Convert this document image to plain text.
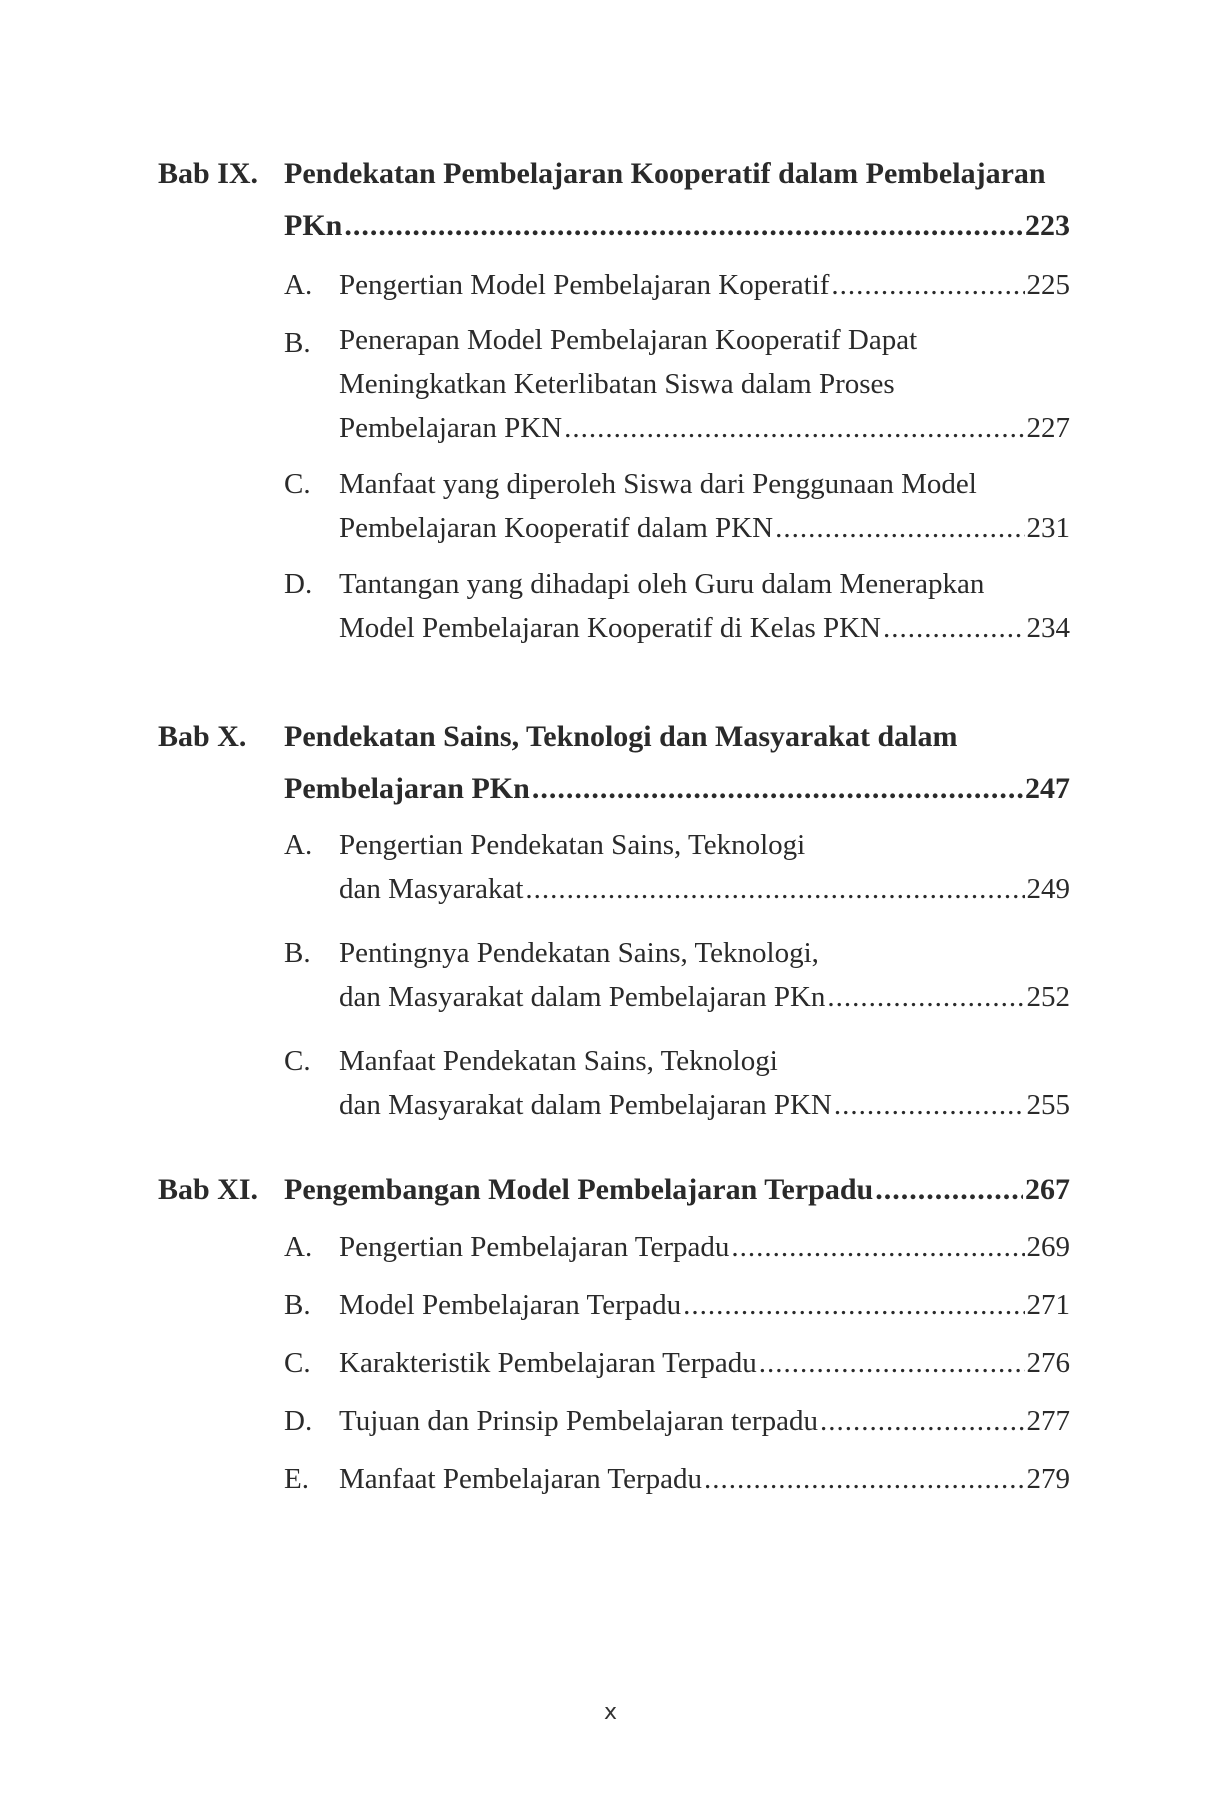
Bab IX. Pendekatan Pembelajaran Kooperatif dalam Pembelajaran
PKn .....	223
A. Pengertian Model Pembelajaran Koperatif .....	225
B. Penerapan Model Pembelajaran Kooperatif Dapat
Meningkatkan Keterlibatan Siswa dalam Proses
Pembelajaran PKN .....	227
C. Manfaat yang diperoleh Siswa dari Penggunaan Model
Pembelajaran Kooperatif dalam PKN .....	231
D. Tantangan yang dihadapi oleh Guru dalam Menerapkan
Model Pembelajaran Kooperatif di Kelas PKN .....	234
Bab X. Pendekatan Sains, Teknologi dan Masyarakat dalam
Pembelajaran PKn .....	247
A. Pengertian Pendekatan Sains, Teknologi
dan Masyarakat .....	249
B. Pentingnya Pendekatan Sains, Teknologi,
dan Masyarakat dalam Pembelajaran PKn .....	252
C. Manfaat Pendekatan Sains, Teknologi
dan Masyarakat dalam Pembelajaran PKN .....	255
Bab XI. Pengembangan Model Pembelajaran Terpadu .....	267
A. Pengertian Pembelajaran Terpadu .....	269
B. Model Pembelajaran Terpadu .....	271
C. Karakteristik Pembelajaran Terpadu .....	276
D. Tujuan dan Prinsip Pembelajaran terpadu .....	277
E. Manfaat Pembelajaran Terpadu .....	279
x
